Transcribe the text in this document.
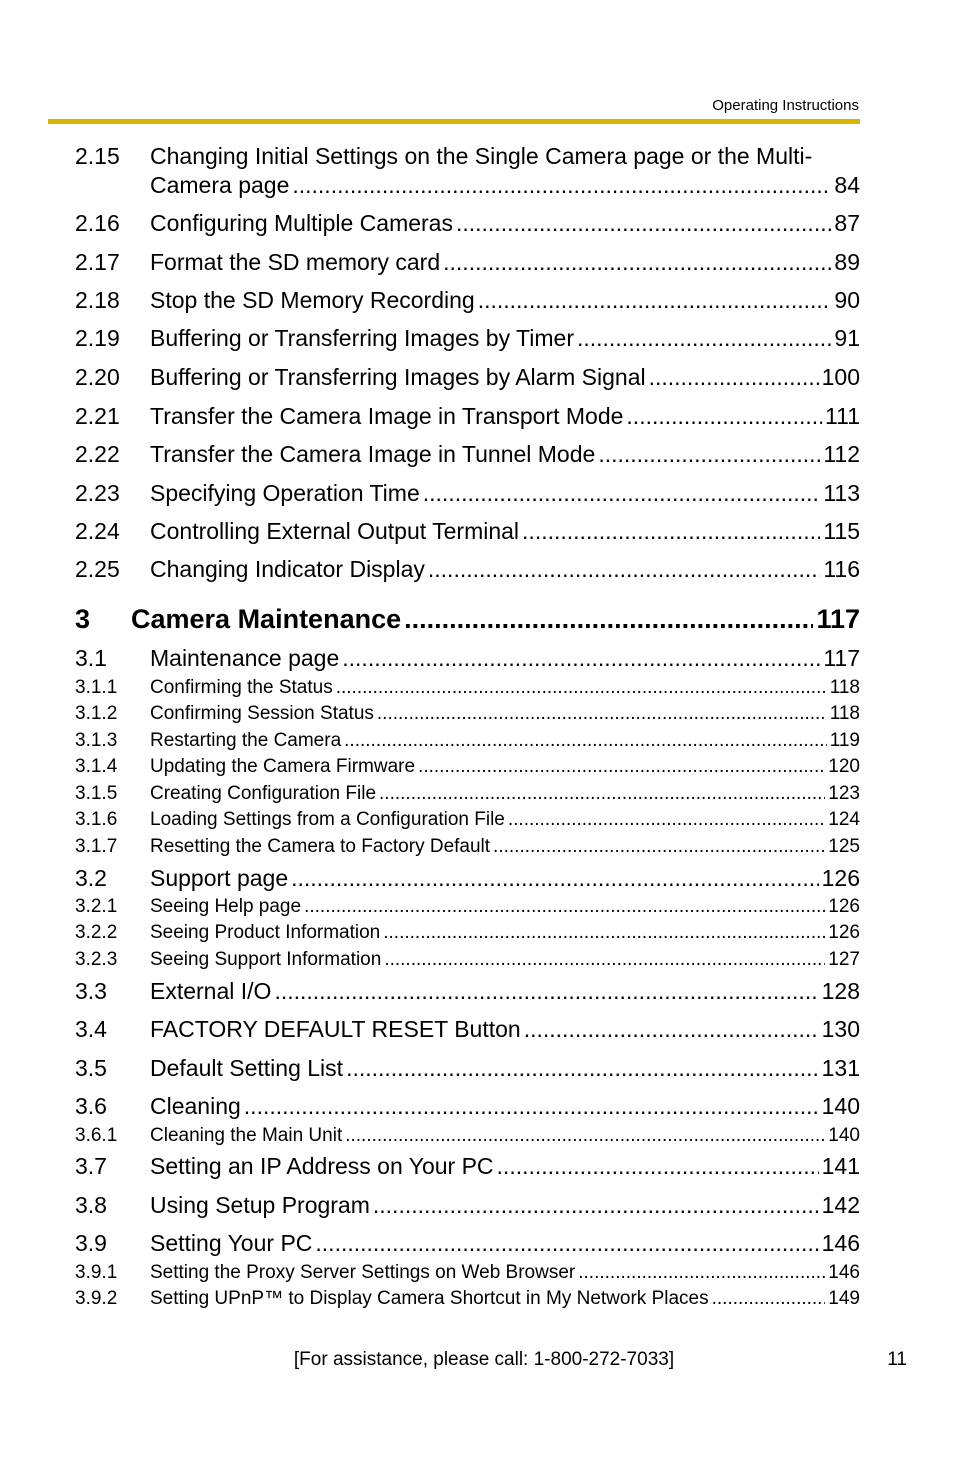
Operating Instructions
2.15	Changing Initial Settings on the Single Camera page or the Multi-
Camera page .....	84
2.16	Configuring Multiple Cameras .....	87
2.17	Format the SD memory card .....	89
2.18	Stop the SD Memory Recording .....	90
2.19	Buffering or Transferring Images by Timer .....	91
2.20	Buffering or Transferring Images by Alarm Signal .....	100
2.21	Transfer the Camera Image in Transport Mode .....	111
2.22	Transfer the Camera Image in Tunnel Mode .....	112
2.23	Specifying Operation Time .....	113
2.24	Controlling External Output Terminal .....	115
2.25	Changing Indicator Display .....	116
3	Camera Maintenance .....	117
3.1	Maintenance page .....	117
3.1.1	Confirming the Status .....	118
3.1.2	Confirming Session Status .....	118
3.1.3	Restarting the Camera .....	119
3.1.4	Updating the Camera Firmware .....	120
3.1.5	Creating Configuration File .....	123
3.1.6	Loading Settings from a Configuration File .....	124
3.1.7	Resetting the Camera to Factory Default .....	125
3.2	Support page .....	126
3.2.1	Seeing Help page .....	126
3.2.2	Seeing Product Information .....	126
3.2.3	Seeing Support Information .....	127
3.3	External I/O .....	128
3.4	FACTORY DEFAULT RESET Button .....	130
3.5	Default Setting List .....	131
3.6	Cleaning .....	140
3.6.1	Cleaning the Main Unit .....	140
3.7	Setting an IP Address on Your PC .....	141
3.8	Using Setup Program .....	142
3.9	Setting Your PC .....	146
3.9.1	Setting the Proxy Server Settings on Web Browser .....	146
3.9.2	Setting UPnP™ to Display Camera Shortcut in My Network Places .....	149
[For assistance, please call: 1-800-272-7033]	11
